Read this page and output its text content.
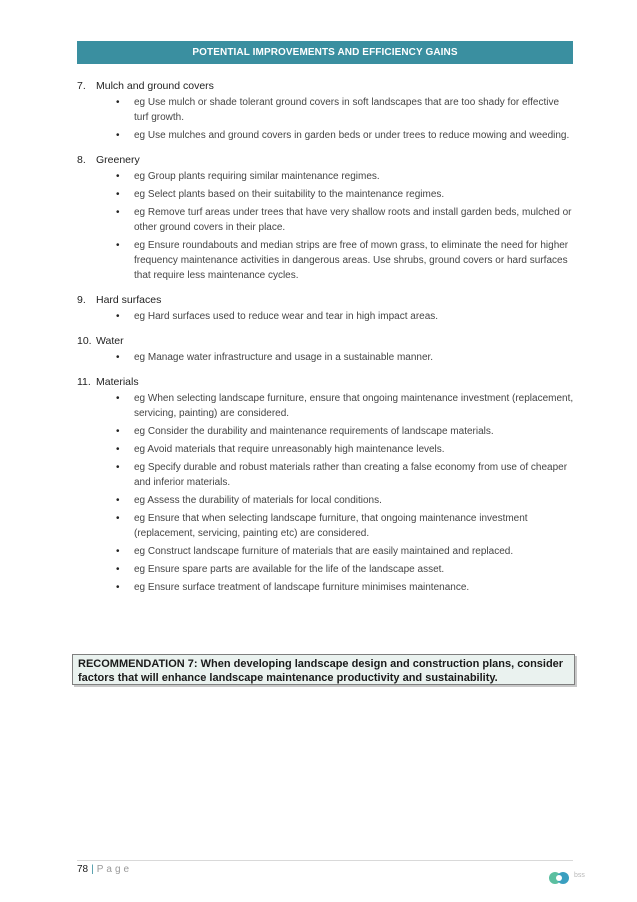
POTENTIAL IMPROVEMENTS AND EFFICIENCY GAINS
7. Mulch and ground covers
• eg Use mulch or shade tolerant ground covers in soft landscapes that are too shady for effective turf growth.
• eg Use mulches and ground covers in garden beds or under trees to reduce mowing and weeding.
8. Greenery
• eg Group plants requiring similar maintenance regimes.
• eg Select plants based on their suitability to the maintenance regimes.
• eg Remove turf areas under trees that have very shallow roots and install garden beds, mulched or other ground covers in their place.
• eg Ensure roundabouts and median strips are free of mown grass, to eliminate the need for higher frequency maintenance activities in dangerous areas. Use shrubs, ground covers or hard surfaces that require less maintenance cycles.
9. Hard surfaces
• eg Hard surfaces used to reduce wear and tear in high impact areas.
10. Water
• eg Manage water infrastructure and usage in a sustainable manner.
11. Materials
• eg When selecting landscape furniture, ensure that ongoing maintenance investment (replacement, servicing, painting) are considered.
• eg Consider the durability and maintenance requirements of landscape materials.
• eg Avoid materials that require unreasonably high maintenance levels.
• eg Specify durable and robust materials rather than creating a false economy from use of cheaper and inferior materials.
• eg Assess the durability of materials for local conditions.
• eg Ensure that when selecting landscape furniture, that ongoing maintenance investment (replacement, servicing, painting etc) are considered.
• eg Construct landscape furniture of materials that are easily maintained and replaced.
• eg Ensure spare parts are available for the life of the landscape asset.
• eg Ensure surface treatment of landscape furniture minimises maintenance.
RECOMMENDATION 7: When developing landscape design and construction plans, consider factors that will enhance landscape maintenance productivity and sustainability.
78 | Page
bss
